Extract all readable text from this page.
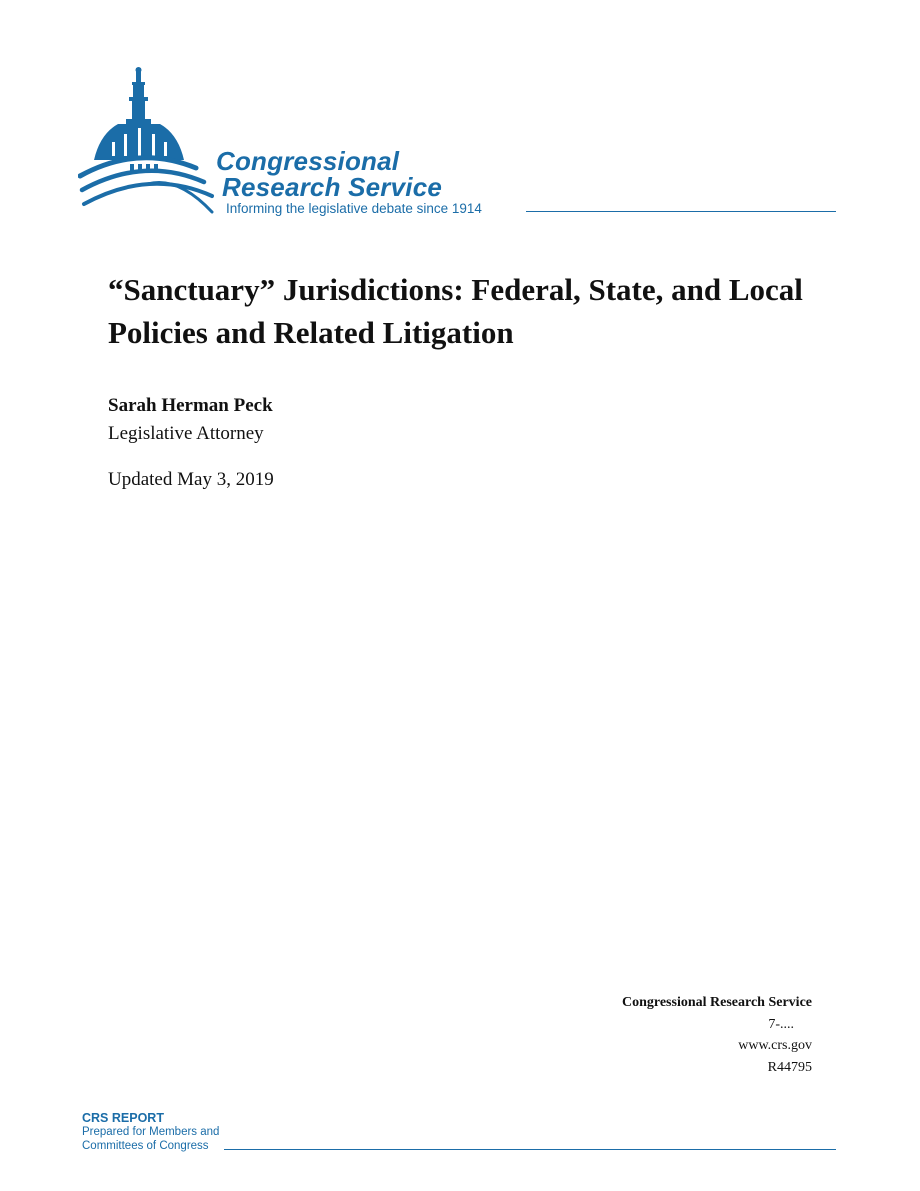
Congressional
Research Service
Informing the legislative debate since 1914
“Sanctuary” Jurisdictions: Federal, State, and Local Policies and Related Litigation
Sarah Herman Peck
Legislative Attorney
Updated May 3, 2019
Congressional Research Service
7-....
www.crs.gov
R44795
CRS REPORT
Prepared for Members and
Committees of Congress
